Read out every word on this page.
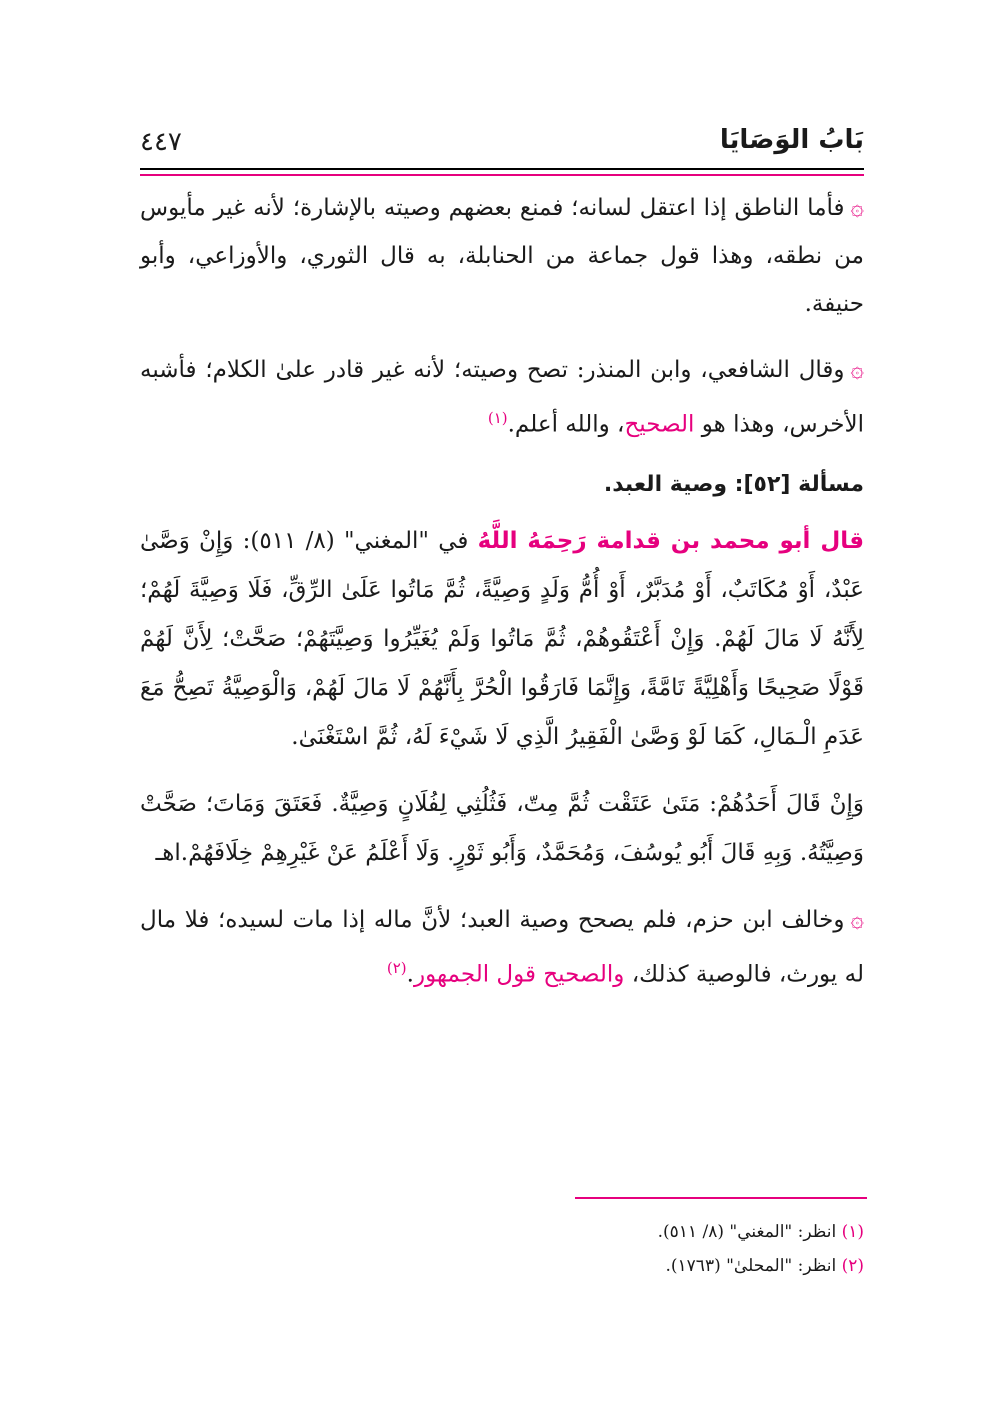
بَابُ الوَصَايَا
٤٤٧

۞فأما الناطق إذا اعتقل لسانه؛ فمنع بعضهم وصيته بالإشارة؛ لأنه غير مأيوس من نطقه، وهذا قول جماعة من الحنابلة، به قال الثوري، والأوزاعي، وأبو حنيفة.

۞وقال الشافعي، وابن المنذر: تصح وصيته؛ لأنه غير قادر علىٰ الكلام؛ فأشبه الأخرس، وهذا هو الصحيح، والله أعلم.$^{(١)}$

مسألة [٥٢]: وصية العبد.

قال أبو محمد بن قدامة رَحِمَهُ اللَّهُ في "المغني" (٨/ ٥١١): وَإِنْ وَصَّىٰ عَبْدٌ، أَوْ مُكَاتَبٌ، أَوْ مُدَبَّرٌ، أَوْ أُمُّ وَلَدٍ وَصِيَّةً، ثُمَّ مَاتُوا عَلَىٰ الرِّقِّ، فَلَا وَصِيَّةَ لَهُمْ؛ لِأَنَّهُ لَا مَالَ لَهُمْ. وَإِنْ أَعْتَقُوهُمْ، ثُمَّ مَاتُوا وَلَمْ يُغَيِّرُوا وَصِيَّتَهُمْ؛ صَحَّتْ؛ لِأَنَّ لَهُمْ قَوْلًا صَحِيحًا وَأَهْلِيَّةً تَامَّةً، وَإِنَّمَا فَارَقُوا الْحُرَّ بِأَنَّهُمْ لَا مَالَ لَهُمْ، وَالْوَصِيَّةُ تَصِحُّ مَعَ عَدَمِ الْـمَالِ، كَمَا لَوْ وَصَّىٰ الْفَقِيرُ الَّذِي لَا شَيْءَ لَهُ، ثُمَّ اسْتَغْنَىٰ.

وَإِنْ قَالَ أَحَدُهُمْ: مَتَىٰ عَتَقْت ثُمَّ مِتّ، فَثُلُثِي لِفُلَانٍ وَصِيَّةٌ. فَعَتَقَ وَمَاتَ؛ صَحَّتْ وَصِيَّتُهُ. وَبِهِ قَالَ أَبُو يُوسُفَ، وَمُحَمَّدٌ، وَأَبُو ثَوْرٍ. وَلَا أَعْلَمُ عَنْ غَيْرِهِمْ خِلَافَهُمْ.اهـ

۞وخالف ابن حزم، فلم يصحح وصية العبد؛ لأنَّ ماله إذا مات لسيده؛ فلا مال له يورث، فالوصية كذلك، والصحيح قول الجمهور.$^{(٢)}$

(١) انظر: "المغني" (٨/ ٥١١).

(٢) انظر: "المحلىٰ" (١٧٦٣).
